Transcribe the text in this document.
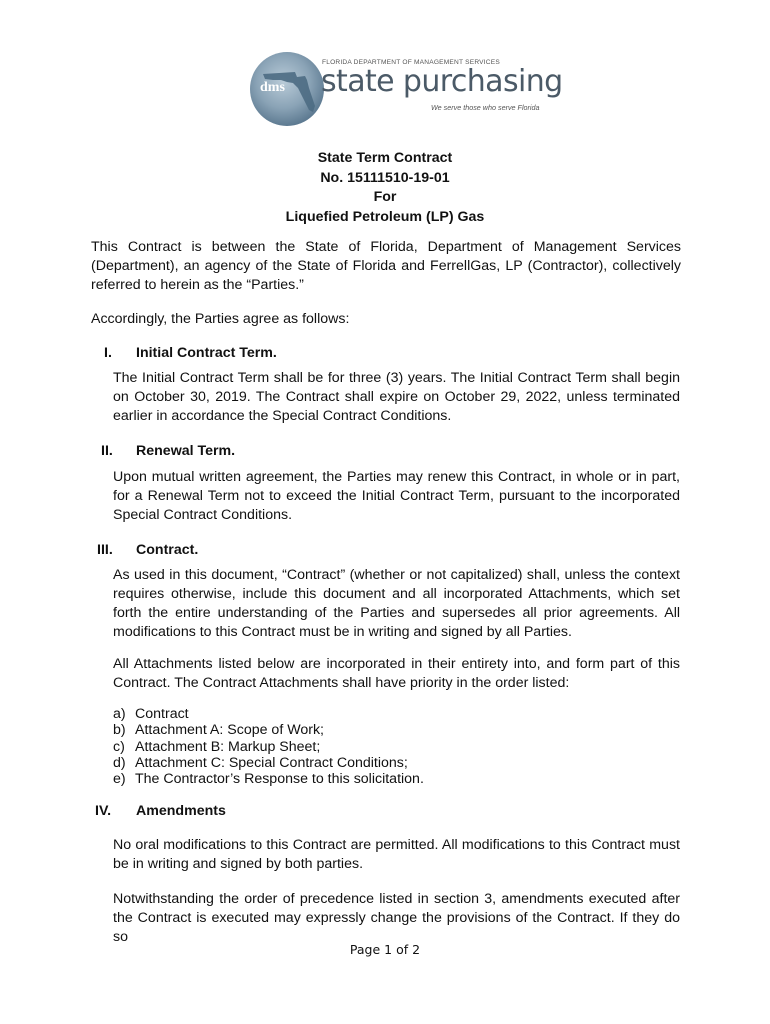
FLORIDA DEPARTMENT OF MANAGEMENT SERVICES
state purchasing
We serve those who serve Florida
dms
State Term Contract
No. 15111510-19-01
For
Liquefied Petroleum (LP) Gas
This Contract is between the State of Florida, Department of Management Services (Department), an agency of the State of Florida and FerrellGas, LP (Contractor), collectively referred to herein as the “Parties.”
Accordingly, the Parties agree as follows:
I. Initial Contract Term.
The Initial Contract Term shall be for three (3) years. The Initial Contract Term shall begin on October 30, 2019. The Contract shall expire on October 29, 2022, unless terminated earlier in accordance the Special Contract Conditions.
II. Renewal Term.
Upon mutual written agreement, the Parties may renew this Contract, in whole or in part, for a Renewal Term not to exceed the Initial Contract Term, pursuant to the incorporated Special Contract Conditions.
III. Contract.
As used in this document, “Contract” (whether or not capitalized) shall, unless the context requires otherwise, include this document and all incorporated Attachments, which set forth the entire understanding of the Parties and supersedes all prior agreements. All modifications to this Contract must be in writing and signed by all Parties.
All Attachments listed below are incorporated in their entirety into, and form part of this Contract. The Contract Attachments shall have priority in the order listed:
a) Contract
b) Attachment A: Scope of Work;
c) Attachment B: Markup Sheet;
d) Attachment C: Special Contract Conditions;
e) The Contractor’s Response to this solicitation.
IV. Amendments
No oral modifications to this Contract are permitted. All modifications to this Contract must be in writing and signed by both parties.
Notwithstanding the order of precedence listed in section 3, amendments executed after the Contract is executed may expressly change the provisions of the Contract. If they do so
Page 1 of 2
